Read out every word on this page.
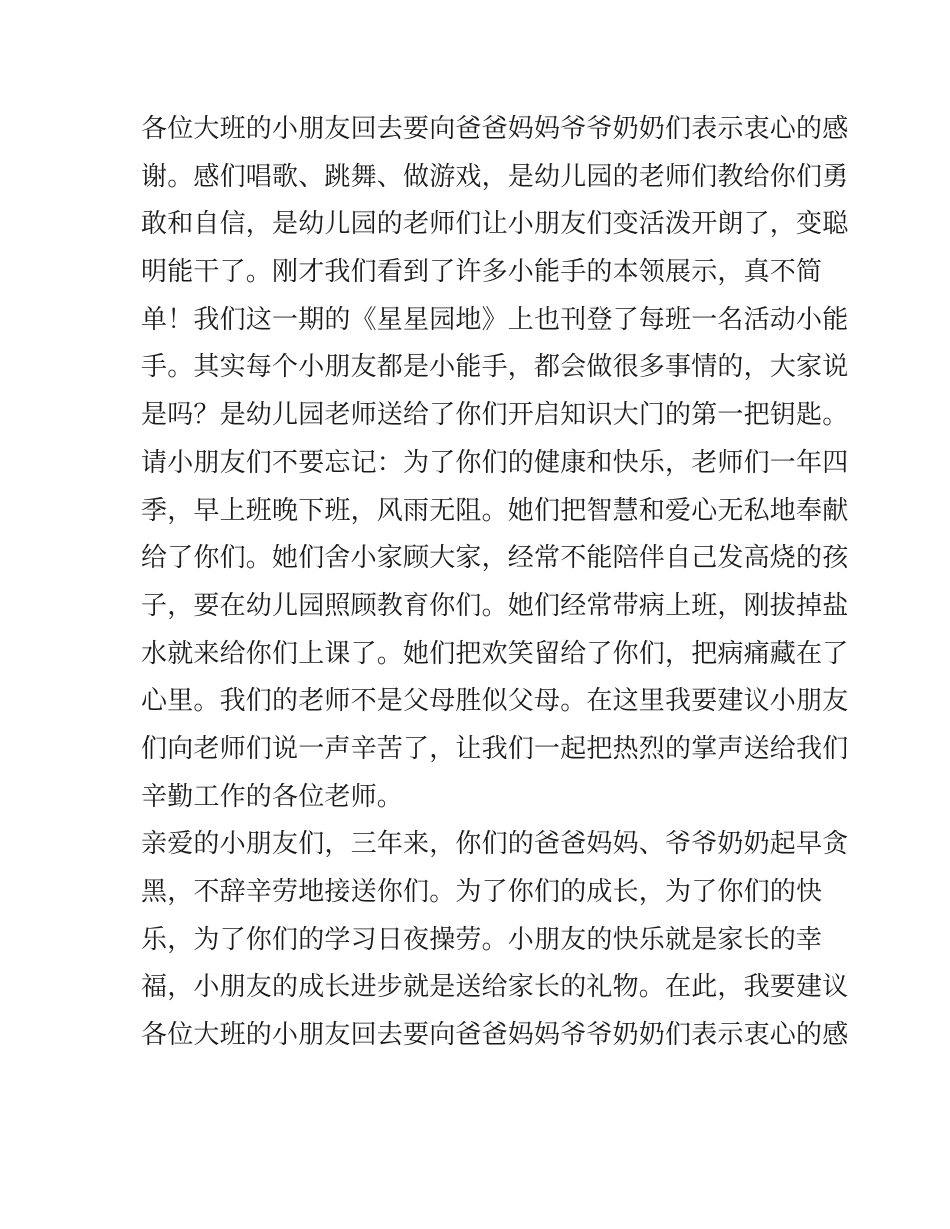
各位大班的小朋友回去要向爸爸妈妈爷爷奶奶们表示衷心的感
谢。感们唱歌、跳舞、做游戏，是幼儿园的老师们教给你们勇
敢和自信，是幼儿园的老师们让小朋友们变活泼开朗了，变聪
明能干了。刚才我们看到了许多小能手的本领展示，真不简
单！我们这一期的《星星园地》上也刊登了每班一名活动小能
手。其实每个小朋友都是小能手，都会做很多事情的，大家说
是吗？是幼儿园老师送给了你们开启知识大门的第一把钥匙。
请小朋友们不要忘记：为了你们的健康和快乐，老师们一年四
季，早上班晚下班，风雨无阻。她们把智慧和爱心无私地奉献
给了你们。她们舍小家顾大家，经常不能陪伴自己发高烧的孩
子，要在幼儿园照顾教育你们。她们经常带病上班，刚拔掉盐
水就来给你们上课了。她们把欢笑留给了你们，把病痛藏在了
心里。我们的老师不是父母胜似父母。在这里我要建议小朋友
们向老师们说一声辛苦了，让我们一起把热烈的掌声送给我们
辛勤工作的各位老师。
亲爱的小朋友们，三年来，你们的爸爸妈妈、爷爷奶奶起早贪
黑，不辞辛劳地接送你们。为了你们的成长，为了你们的快
乐，为了你们的学习日夜操劳。小朋友的快乐就是家长的幸
福，小朋友的成长进步就是送给家长的礼物。在此，我要建议
各位大班的小朋友回去要向爸爸妈妈爷爷奶奶们表示衷心的感
